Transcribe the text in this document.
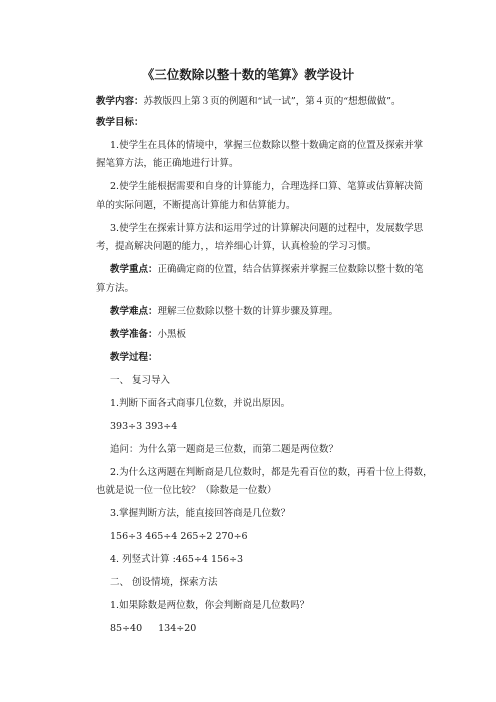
《三位数除以整十数的笔算》教学设计
教学内容：苏教版四上第３页的例题和“试一试”，第４页的“想想做做”。
教学目标：
1.使学生在具体的情境中，掌握三位数除以整十数确定商的位置及探索并掌
握笔算方法，能正确地进行计算。
2.使学生能根据需要和自身的计算能力，合理选择口算、笔算或估算解决简
单的实际问题，不断提高计算能力和估算能力。
3.使学生在探索计算方法和运用学过的计算解决问题的过程中，发展数学思
考，提高解决问题的能力，，培养细心计算，认真检验的学习习惯。
教学重点：正确确定商的位置，结合估算探索并掌握三位数除以整十数的笔
算方法。
教学难点：理解三位数除以整十数的计算步骤及算理。
教学准备：小黑板
教学过程：
一、 复习导入
1.判断下面各式商事几位数，并说出原因。
393÷3 393÷4
追问：为什么第一题商是三位数，而第二题是两位数？
2.为什么这两题在判断商是几位数时，都是先看百位的数，再看十位上得数，
也就是说一位一位比较？（除数是一位数）
3.掌握判断方法，能直接回答商是几位数？
156÷3 465÷4 265÷2 270÷6
4. 列竖式计算 :465÷4 156÷3
二、 创设情境，探索方法
1.如果除数是两位数，你会判断商是几位数吗？
85÷40 134÷20
